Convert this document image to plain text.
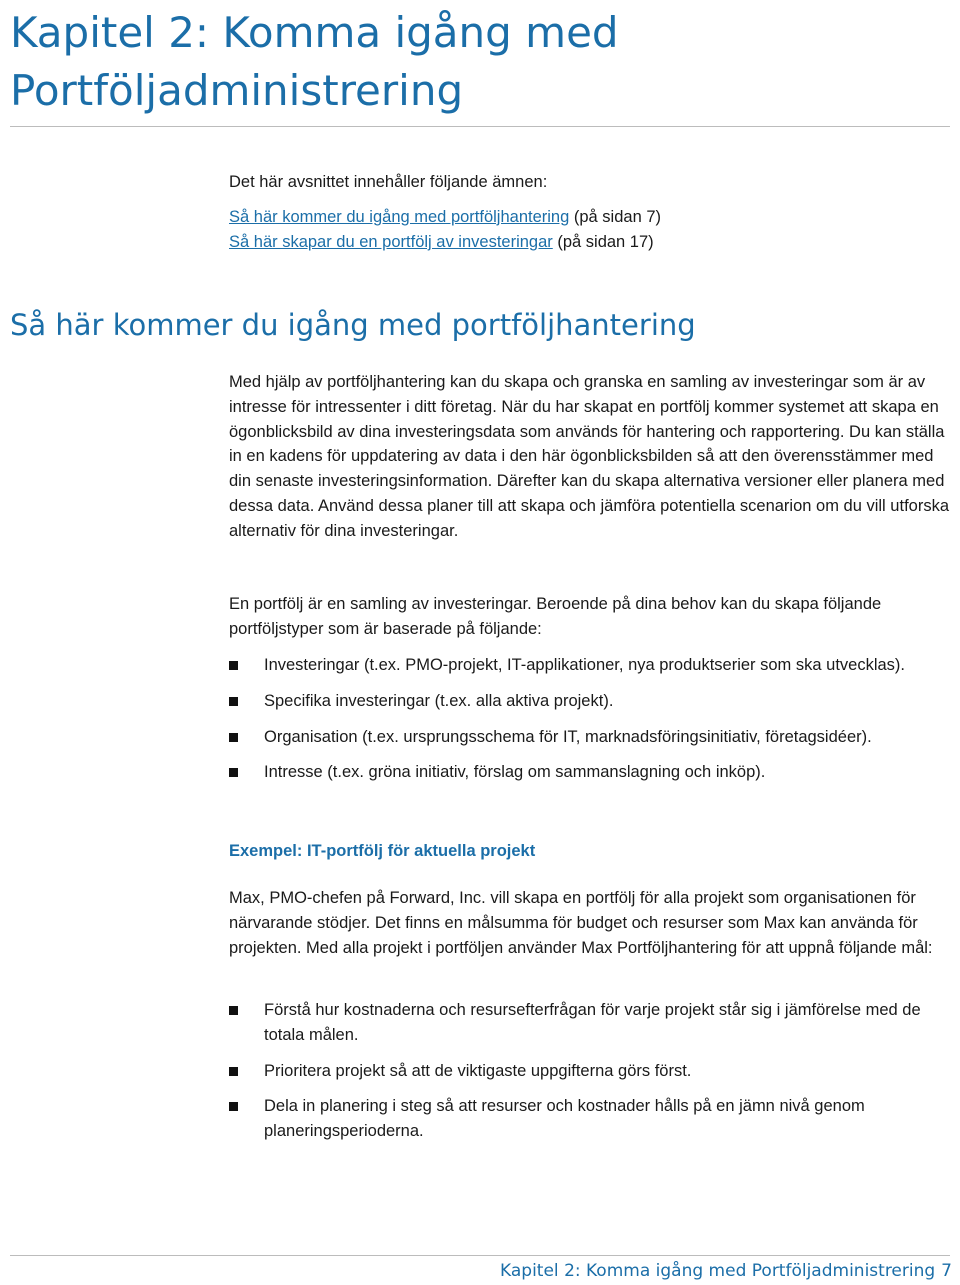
Kapitel 2: Komma igång med Portföljadministrering

Det här avsnittet innehåller följande ämnen:

Så här kommer du igång med portföljhantering (på sidan 7)
Så här skapar du en portfölj av investeringar (på sidan 17)
Så här kommer du igång med portföljhantering

Med hjälp av portföljhantering kan du skapa och granska en samling av investeringar som är av intresse för intressenter i ditt företag. När du har skapat en portfölj kommer systemet att skapa en ögonblicksbild av dina investeringsdata som används för hantering och rapportering. Du kan ställa in en kadens för uppdatering av data i den här ögonblicksbilden så att den överensstämmer med din senaste investeringsinformation. Därefter kan du skapa alternativa versioner eller planera med dessa data. Använd dessa planer till att skapa och jämföra potentiella scenarion om du vill utforska alternativ för dina investeringar.

En portfölj är en samling av investeringar. Beroende på dina behov kan du skapa följande portföljstyper som är baserade på följande:

Investeringar (t.ex. PMO-projekt, IT-applikationer, nya produktserier som ska utvecklas).
Specifika investeringar (t.ex. alla aktiva projekt).
Organisation (t.ex. ursprungsschema för IT, marknadsföringsinitiativ, företagsidéer).
Intresse (t.ex. gröna initiativ, förslag om sammanslagning och inköp).
Exempel: IT-portfölj för aktuella projekt

Max, PMO-chefen på Forward, Inc. vill skapa en portfölj för alla projekt som organisationen för närvarande stödjer. Det finns en målsumma för budget och resurser som Max kan använda för projekten. Med alla projekt i portföljen använder Max Portföljhantering för att uppnå följande mål:

Förstå hur kostnaderna och resursefterfrågan för varje projekt står sig i jämförelse med de totala målen.
Prioritera projekt så att de viktigaste uppgifterna görs först.
Dela in planering i steg så att resurser och kostnader hålls på en jämn nivå genom planeringsperioderna.
Kapitel 2: Komma igång med Portföljadministrering 7
